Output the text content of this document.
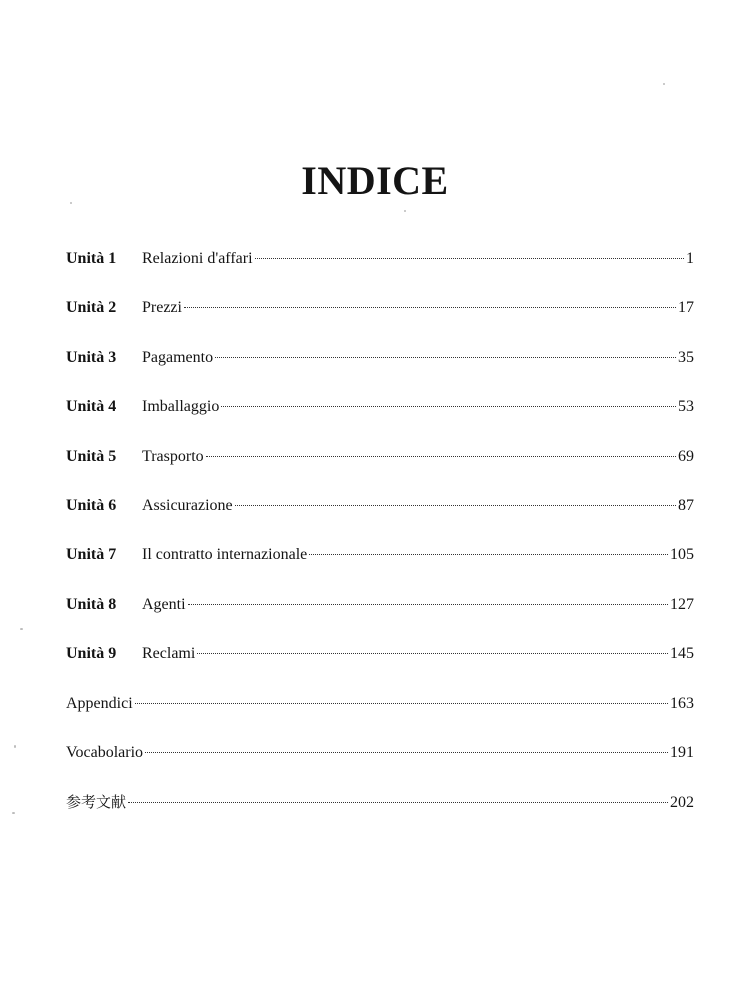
INDICE
Unità 1	Relazioni d'affari	1
Unità 2	Prezzi	17
Unità 3	Pagamento	35
Unità 4	Imballaggio	53
Unità 5	Trasporto	69
Unità 6	Assicurazione	87
Unità 7	Il contratto internazionale	105
Unità 8	Agenti	127
Unità 9	Reclami	145
Appendici	163
Vocabolario	191
参考文献	202
